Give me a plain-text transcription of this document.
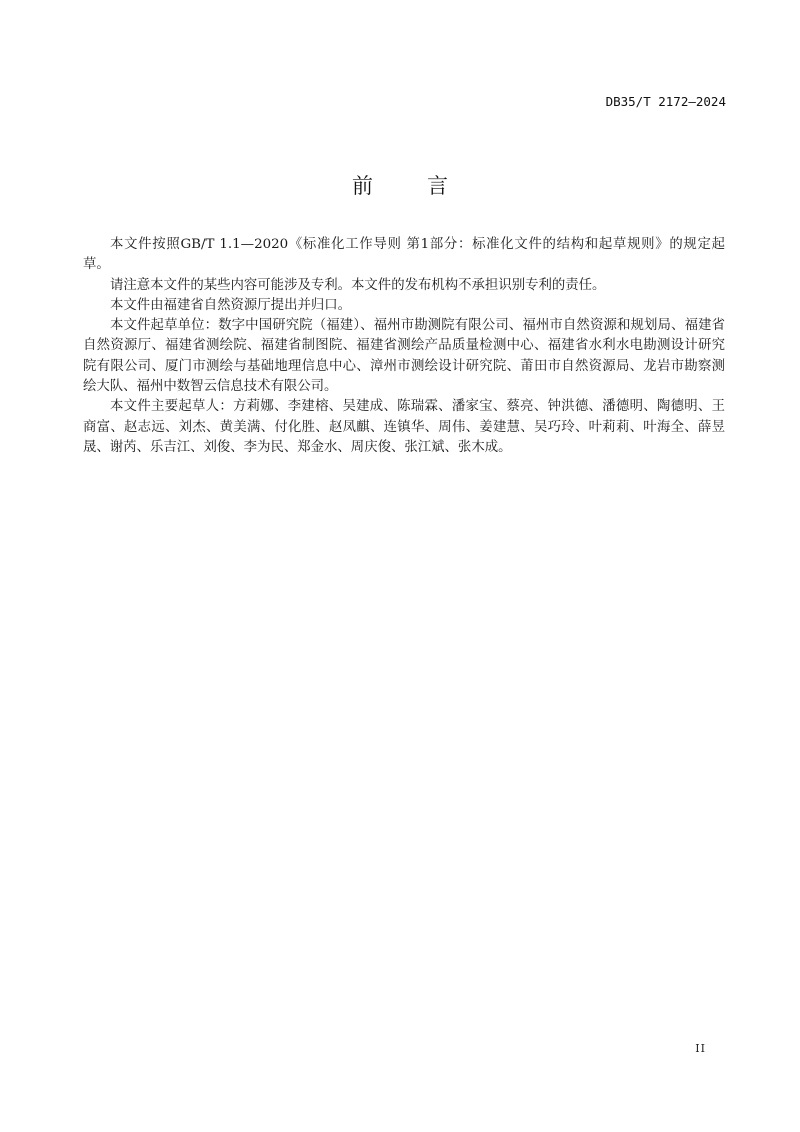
DB35/T 2172—2024
前	言

本文件按照GB/T 1.1—2020《标准化工作导则 第1部分：标准化文件的结构和起草规则》的规定起草。

请注意本文件的某些内容可能涉及专利。本文件的发布机构不承担识别专利的责任。

本文件由福建省自然资源厅提出并归口。

本文件起草单位：数字中国研究院（福建）、福州市勘测院有限公司、福州市自然资源和规划局、福建省自然资源厅、福建省测绘院、福建省制图院、福建省测绘产品质量检测中心、福建省水利水电勘测设计研究院有限公司、厦门市测绘与基础地理信息中心、漳州市测绘设计研究院、莆田市自然资源局、龙岩市勘察测绘大队、福州中数智云信息技术有限公司。

本文件主要起草人：方莉娜、李建榕、吴建成、陈瑞霖、潘家宝、蔡亮、钟洪德、潘德明、陶德明、王商富、赵志远、刘杰、黄美满、付化胜、赵凤麒、连镇华、周伟、姜建慧、吴巧玲、叶莉莉、叶海全、薛昱晟、谢芮、乐吉江、刘俊、李为民、郑金水、周庆俊、张江斌、张木成。

II
